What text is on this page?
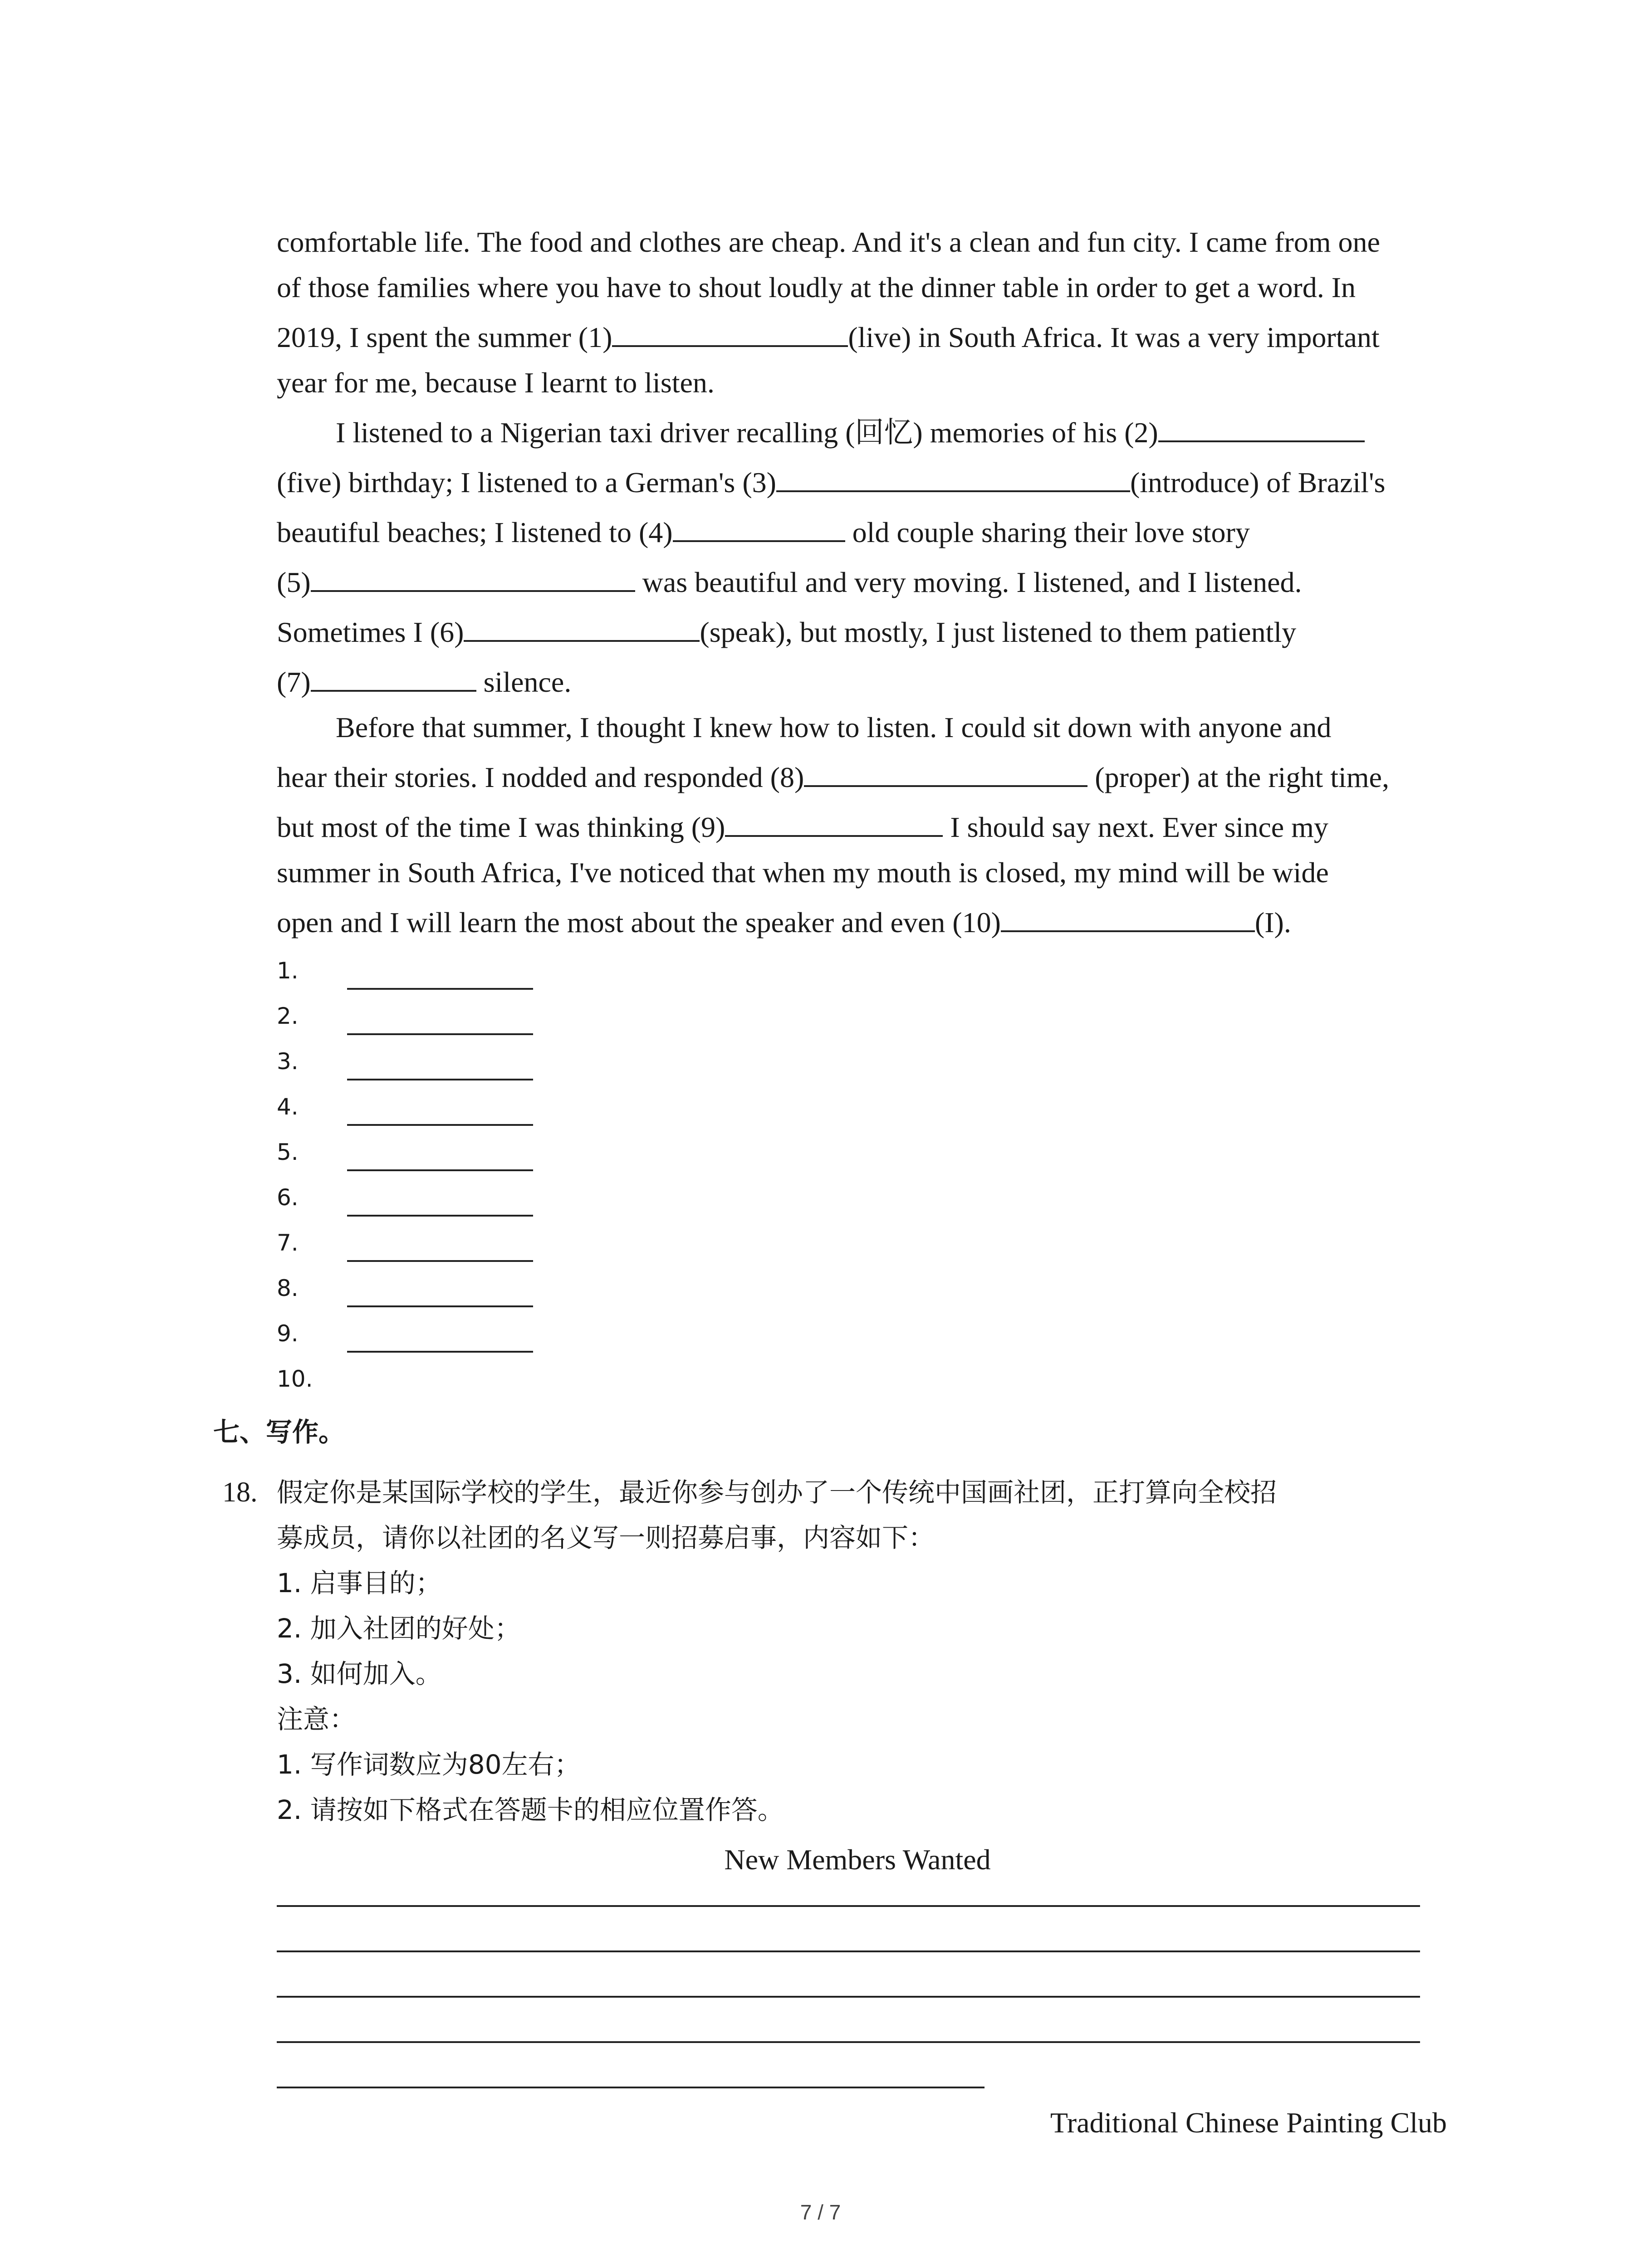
comfortable life. The food and clothes are cheap. And it's a clean and fun city. I came from one

of those families where you have to shout loudly at the dinner table in order to get a word. In

2019, I spent the summer (1)	(live) in South Africa. It was a very important

year for me, because I learnt to listen.

I listened to a Nigerian taxi driver recalling (回忆) memories of his (2)

(five) birthday; I listened to a German's (3)	(introduce) of Brazil's

beautiful beaches; I listened to (4)	old couple sharing their love story

(5)	was beautiful and very moving. I listened, and I listened.

Sometimes I (6)	(speak), but mostly, I just listened to them patiently

(7)	silence.

Before that summer, I thought I knew how to listen. I could sit down with anyone and

hear their stories. I nodded and responded (8)	(proper) at the right time,

but most of the time I was thinking (9)	I should say next. Ever since my

summer in South Africa, I've noticed that when my mouth is closed, my mind will be wide

open and I will learn the most about the speaker and even (10)	(I).

1.
2.
3.
4.
5.
6.
7.
8.
9.
10.
七、写作。
18. 假定你是某国际学校的学生，最近你参与创办了一个传统中国画社团，正打算向全校招
募成员，请你以社团的名义写一则招募启事，内容如下：
1. 启事目的；
2. 加入社团的好处；
3. 如何加入。
注意：
1. 写作词数应为80左右；
2. 请按如下格式在答题卡的相应位置作答。
New Members Wanted
Traditional Chinese Painting Club
7 / 7
